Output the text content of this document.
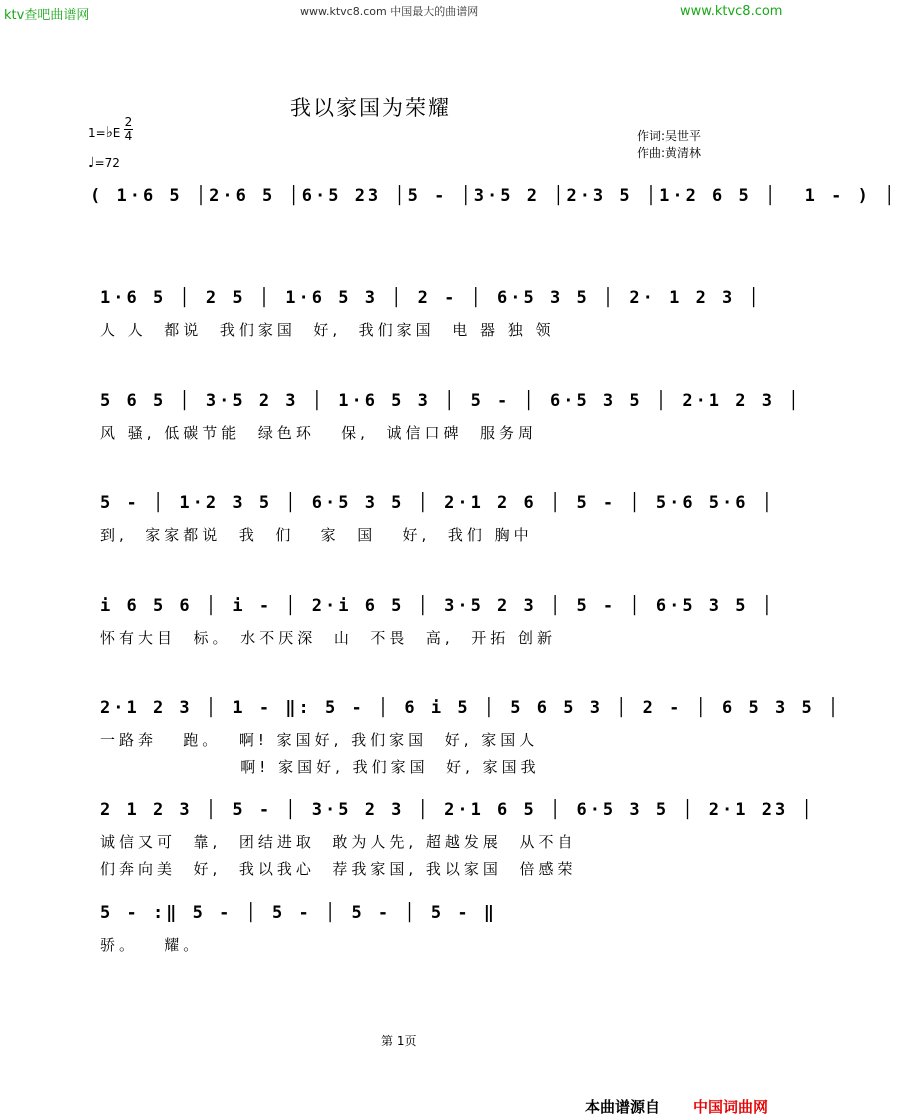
ktv查吧曲谱网	www.ktvc8.com 中国最大的曲谱网	www.ktvc8.com
我以家国为荣耀
1=♭E
2
4
♩=72
作词:吴世平
作曲:黄清林
( 1·6 5 │2·6 5 │6·5 23 │5 - │3·5 2 │2·3 5 │1·2 6 5 │  1 - ) │
1·6 5 │ 2 5 │ 1·6 5 3 │ 2 - │ 6·5 3 5 │ 2· 1 2 3 │
人 人  都说  我们家国  好,  我们家国  电 器 独 领
5 6 5 │ 3·5 2 3 │ 1·6 5 3 │ 5 - │ 6·5 3 5 │ 2·1 2 3 │
风 骚, 低碳节能  绿色环   保,  诚信口碑  服务周
5 - │ 1·2 3 5 │ 6·5 3 5 │ 2·1 2 6 │ 5 - │ 5·6 5·6 │
到,  家家都说  我  们   家  国   好,  我们 胸中
i 6 5 6 │ i - │ 2·i 6 5 │ 3·5 2 3 │ 5 - │ 6·5 3 5 │
怀有大目  标。 水不厌深  山  不畏  高,  开拓 创新
2·1 2 3 │ 1 - ‖: 5 - │ 6 i 5 │ 5 6 5 3 │ 2 - │ 6 5 3 5 │
一路奔   跑。  啊! 家国好, 我们家国  好, 家国人
啊! 家国好, 我们家国  好, 家国我
2 1 2 3 │ 5 - │ 3·5 2 3 │ 2·1 6 5 │ 6·5 3 5 │ 2·1 23 │
诚信又可  靠,  团结进取  敢为人先, 超越发展  从不自
们奔向美  好,  我以我心  荐我家国, 我以家国  倍感荣
5 - :‖ 5 - │ 5 - │ 5 - │ 5 - ‖
骄。   耀。
第 1页
本曲谱源自 中国词曲网
